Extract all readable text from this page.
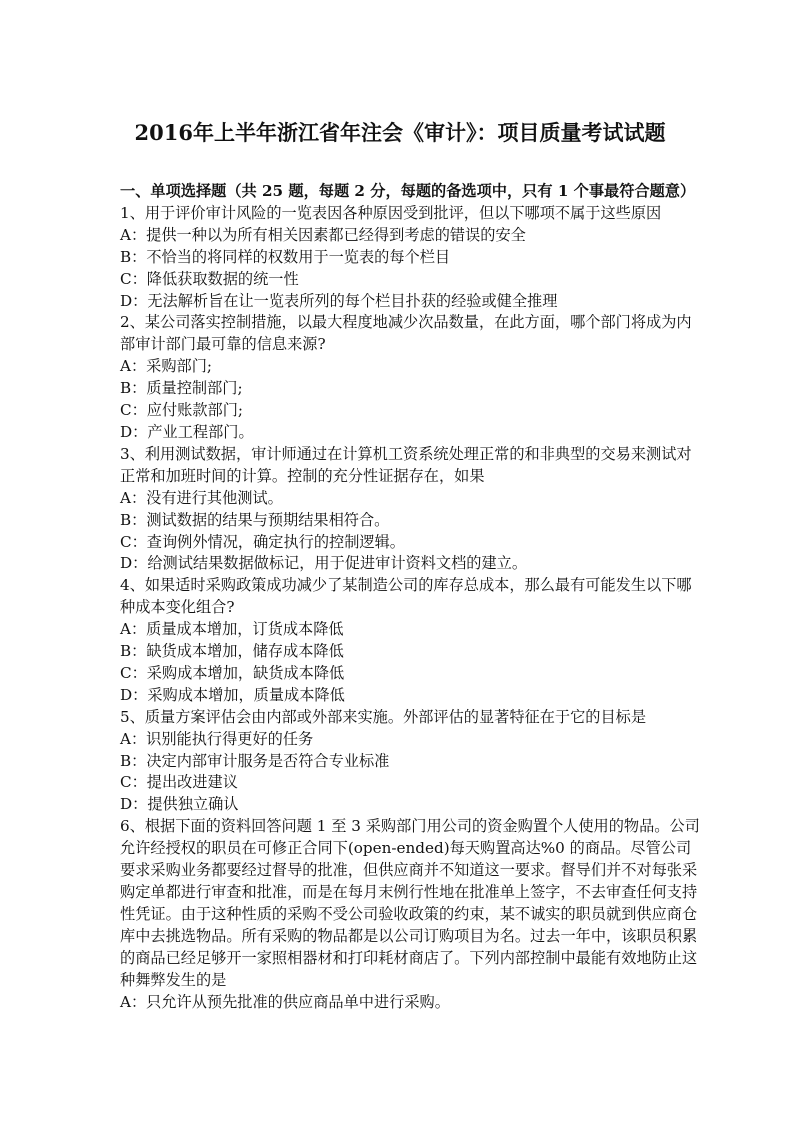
2016年上半年浙江省年注会《审计》：项目质量考试试题
一、单项选择题（共 25 题，每题 2 分，每题的备选项中，只有 1 个事最符合题意）
1、用于评价审计风险的一览表因各种原因受到批评，但以下哪项不属于这些原因
A：提供一种以为所有相关因素都已经得到考虑的错误的安全
B：不恰当的将同样的权数用于一览表的每个栏目
C：降低获取数据的统一性
D：无法解析旨在让一览表所列的每个栏目扑获的经验或健全推理
2、某公司落实控制措施，以最大程度地减少次品数量，在此方面，哪个部门将成为内部审计部门最可靠的信息来源?
A：采购部门;
B：质量控制部门;
C：应付账款部门;
D：产业工程部门。
3、利用测试数据，审计师通过在计算机工资系统处理正常的和非典型的交易来测试对正常和加班时间的计算。控制的充分性证据存在，如果
A：没有进行其他测试。
B：测试数据的结果与预期结果相符合。
C：查询例外情况，确定执行的控制逻辑。
D：给测试结果数据做标记，用于促进审计资料文档的建立。
4、如果适时采购政策成功减少了某制造公司的库存总成本，那么最有可能发生以下哪种成本变化组合?
A：质量成本增加，订货成本降低
B：缺货成本增加，储存成本降低
C：采购成本增加，缺货成本降低
D：采购成本增加，质量成本降低
5、质量方案评估会由内部或外部来实施。外部评估的显著特征在于它的目标是
A：识别能执行得更好的任务
B：决定内部审计服务是否符合专业标准
C：提出改进建议
D：提供独立确认
6、根据下面的资料回答问题 1 至 3 采购部门用公司的资金购置个人使用的物品。公司允许经授权的职员在可修正合同下(open-ended)每天购置高达%0 的商品。尽管公司要求采购业务都要经过督导的批准，但供应商并不知道这一要求。督导们并不对每张采购定单都进行审查和批准，而是在每月末例行性地在批准单上签字，不去审查任何支持性凭证。由于这种性质的采购不受公司验收政策的约束，某不诚实的职员就到供应商仓库中去挑选物品。所有采购的物品都是以公司订购项目为名。过去一年中，该职员积累的商品已经足够开一家照相器材和打印耗材商店了。下列内部控制中最能有效地防止这种舞弊发生的是
A：只允许从预先批准的供应商品单中进行采购。
